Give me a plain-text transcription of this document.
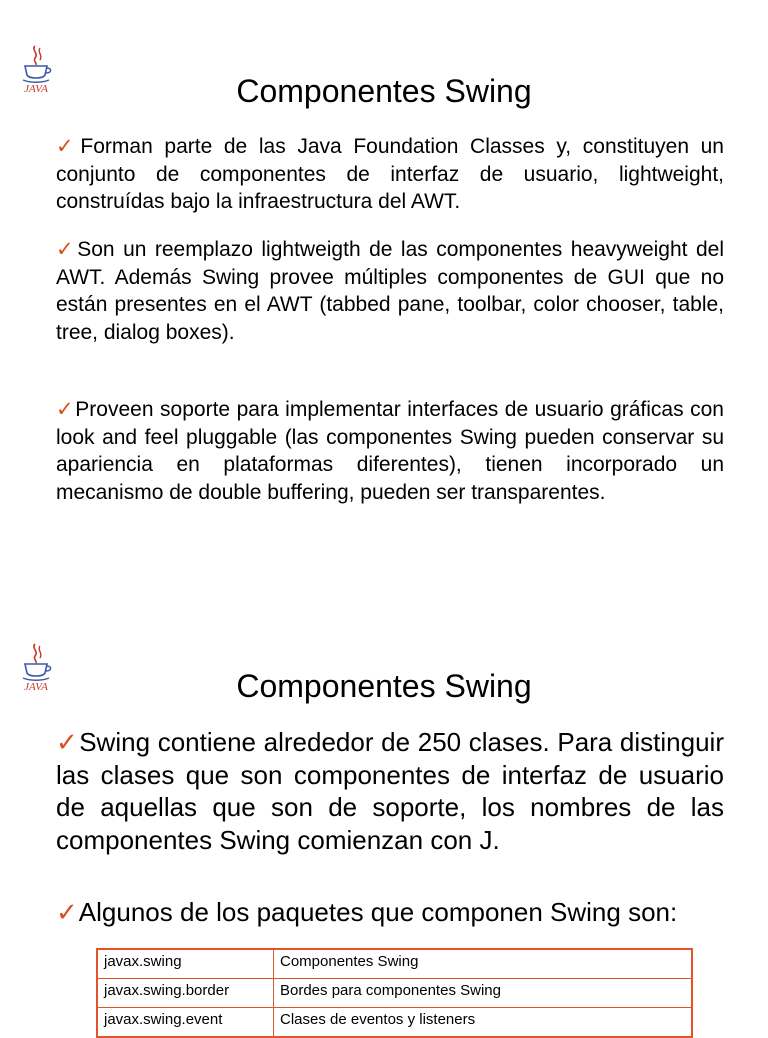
JAVA	Componentes Swing

✓Forman parte de las Java Foundation Classes y, constituyen un conjunto de componentes de interfaz de usuario, lightweight, construídas bajo la infraestructura del AWT.

✓Son un reemplazo lightweigth de las componentes heavyweight del AWT. Además Swing provee múltiples componentes de GUI que no están presentes en el AWT (tabbed pane, toolbar, color chooser, table, tree, dialog boxes).

✓Proveen soporte para implementar interfaces de usuario gráficas con look and feel pluggable (las componentes Swing pueden conservar su apariencia en plataformas diferentes), tienen incorporado un mecanismo de double buffering, pueden ser transparentes.

JAVA	Componentes Swing

✓Swing contiene alrededor de 250 clases. Para distinguir las clases que son componentes de interfaz de usuario de aquellas que son de soporte, los nombres de las componentes Swing comienzan con J.

✓Algunos de los paquetes que componen Swing son:

javax.swing	Componentes Swing
javax.swing.border	Bordes para componentes Swing
javax.swing.event	Clases de eventos y listeners
